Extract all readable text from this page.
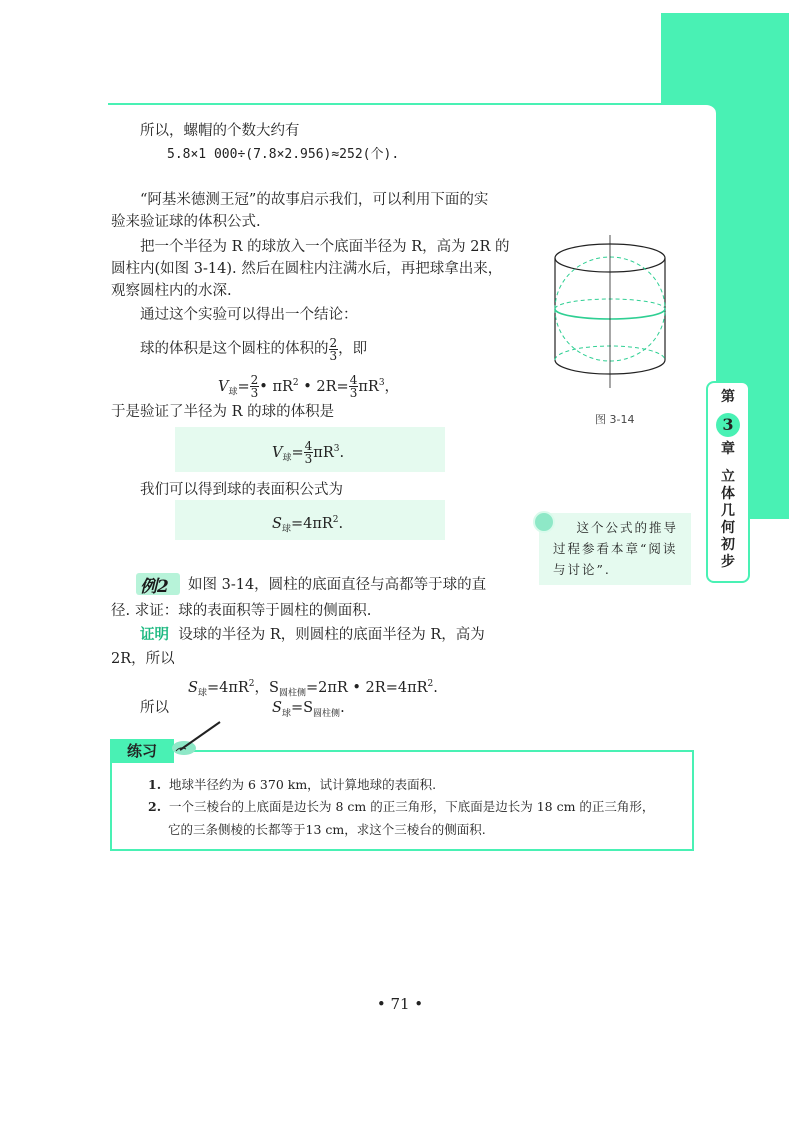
第
3
章
立
体
几
何
初
步
所以，螺帽的个数大约有
5.8×1 000÷(7.8×2.956)≈252(个).
“阿基米德测王冠”的故事启示我们，可以利用下面的实
验来验证球的体积公式.
把一个半径为 R 的球放入一个底面半径为 R，高为 2R 的
圆柱内(如图 3-14). 然后在圆柱内注满水后，再把球拿出来，
观察圆柱内的水深.
通过这个实验可以得出一个结论：
球的体积是这个圆柱的体积的 $\frac{2}{3}$ ，即
$V_球= \frac{2}{3}$ • $\pi R^2$ • $2R= \frac{4}{3} \pi R^3$，
于是验证了半径为 R 的球的体积是
$V_球= \frac{4}{3} \pi R^3$.
我们可以得到球的表面积公式为
$S_球=4\pi R^2$.
图 3-14
这个公式的推导
过程参看本章“阅读
与讨论”.
例2 如图 3-14，圆柱的底面直径与高都等于球的直
径. 求证：球的表面积等于圆柱的侧面积.
证明 设球的半径为 R，则圆柱的底面半径为 R，高为
2R，所以
$S_球=4\pi R^2$，$S_{圆柱侧}=2\pi R$ • $2R=4\pi R^2$.
所以	$S_球=S_{圆柱侧}$.
练习
1. 地球半径约为 6 370 km，试计算地球的表面积.
2. 一个三棱台的上底面是边长为 8 cm 的正三角形，下底面是边长为 18 cm 的正三角形，
它的三条侧棱的长都等于13 cm，求这个三棱台的侧面积.
• 71 •
